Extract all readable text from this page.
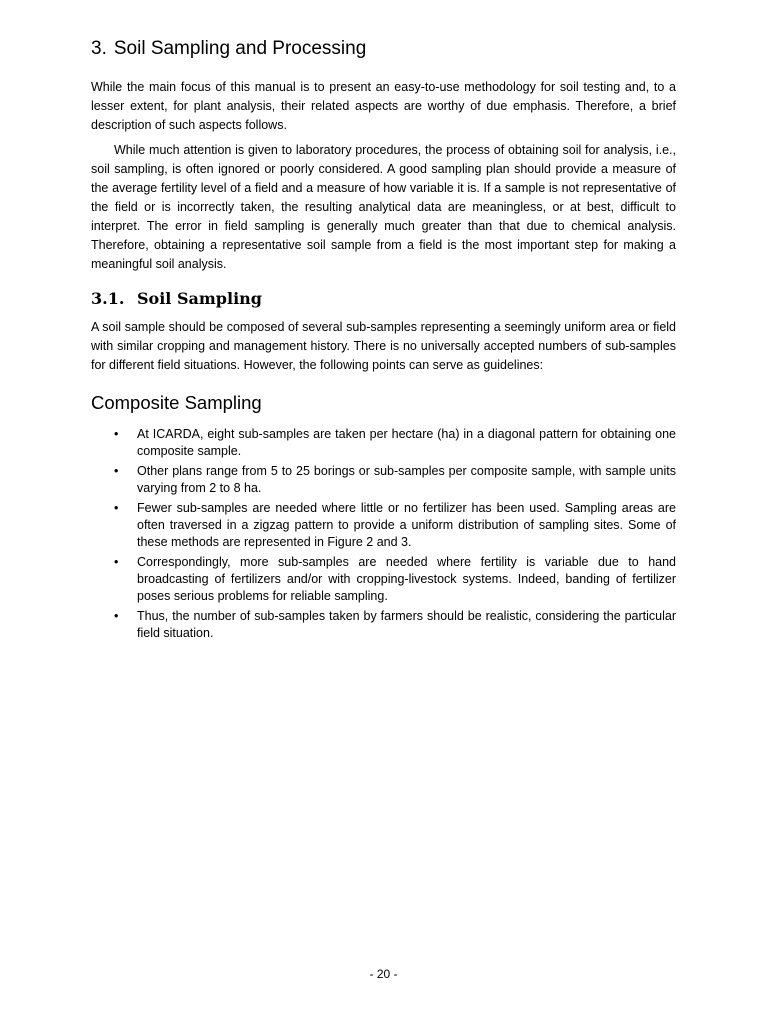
3. Soil Sampling and Processing

While the main focus of this manual is to present an easy-to-use methodology for soil testing and, to a lesser extent, for plant analysis, their related aspects are worthy of due emphasis. Therefore, a brief description of such aspects follows.

While much attention is given to laboratory procedures, the process of obtaining soil for analysis, i.e., soil sampling, is often ignored or poorly considered. A good sampling plan should provide a measure of the average fertility level of a field and a measure of how variable it is. If a sample is not representative of the field or is incorrectly taken, the resulting analytical data are meaningless, or at best, difficult to interpret. The error in field sampling is generally much greater than that due to chemical analysis. Therefore, obtaining a representative soil sample from a field is the most important step for making a meaningful soil analysis.

3.1. Soil Sampling

A soil sample should be composed of several sub-samples representing a seemingly uniform area or field with similar cropping and management history. There is no universally accepted numbers of sub-samples for different field situations. However, the following points can serve as guidelines:

Composite Sampling
• At ICARDA, eight sub-samples are taken per hectare (ha) in a diagonal pattern for obtaining one composite sample.
• Other plans range from 5 to 25 borings or sub-samples per composite sample, with sample units varying from 2 to 8 ha.
• Fewer sub-samples are needed where little or no fertilizer has been used. Sampling areas are often traversed in a zigzag pattern to provide a uniform distribution of sampling sites. Some of these methods are represented in Figure 2 and 3.
• Correspondingly, more sub-samples are needed where fertility is variable due to hand broadcasting of fertilizers and/or with cropping-livestock systems. Indeed, banding of fertilizer poses serious problems for reliable sampling.
• Thus, the number of sub-samples taken by farmers should be realistic, considering the particular field situation.
- 20 -
